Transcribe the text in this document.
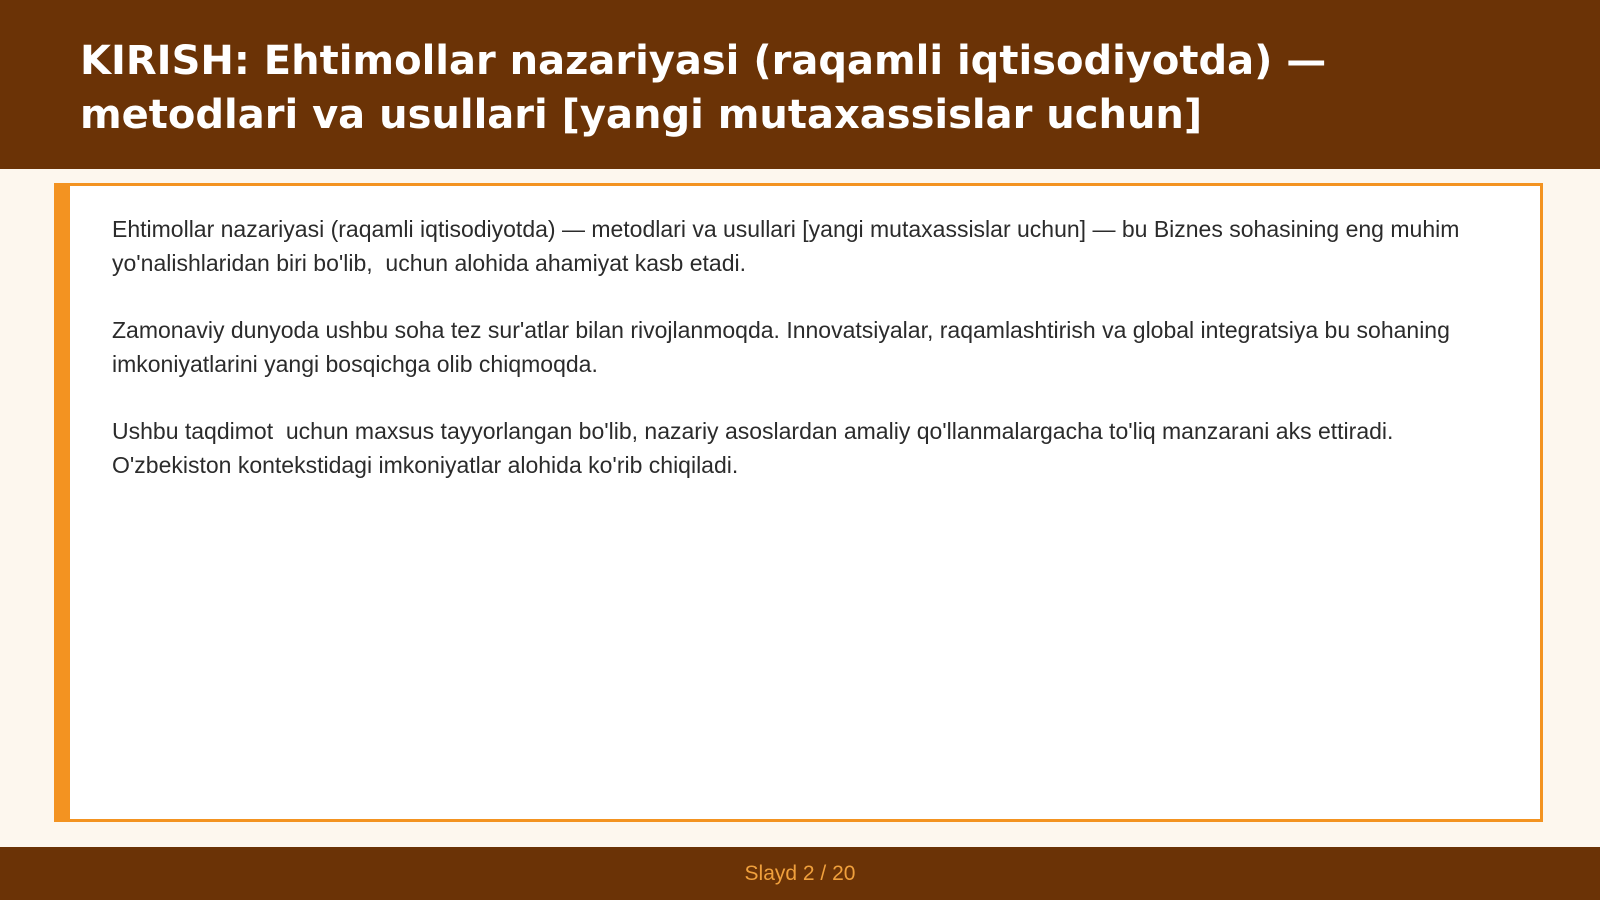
KIRISH: Ehtimollar nazariyasi (raqamli iqtisodiyotda) — metodlari va usullari [yangi mutaxassislar uchun]

Ehtimollar nazariyasi (raqamli iqtisodiyotda) — metodlari va usullari [yangi mutaxassislar uchun] — bu Biznes sohasining eng muhim yo'nalishlaridan biri bo'lib,  uchun alohida ahamiyat kasb etadi.

Zamonaviy dunyoda ushbu soha tez sur'atlar bilan rivojlanmoqda. Innovatsiyalar, raqamlashtirish va global integratsiya bu sohaning imkoniyatlarini yangi bosqichga olib chiqmoqda.

Ushbu taqdimot  uchun maxsus tayyorlangan bo'lib, nazariy asoslardan amaliy qo'llanmalargacha to'liq manzarani aks ettiradi. O'zbekiston kontekstidagi imkoniyatlar alohida ko'rib chiqiladi.

Slayd 2 / 20
